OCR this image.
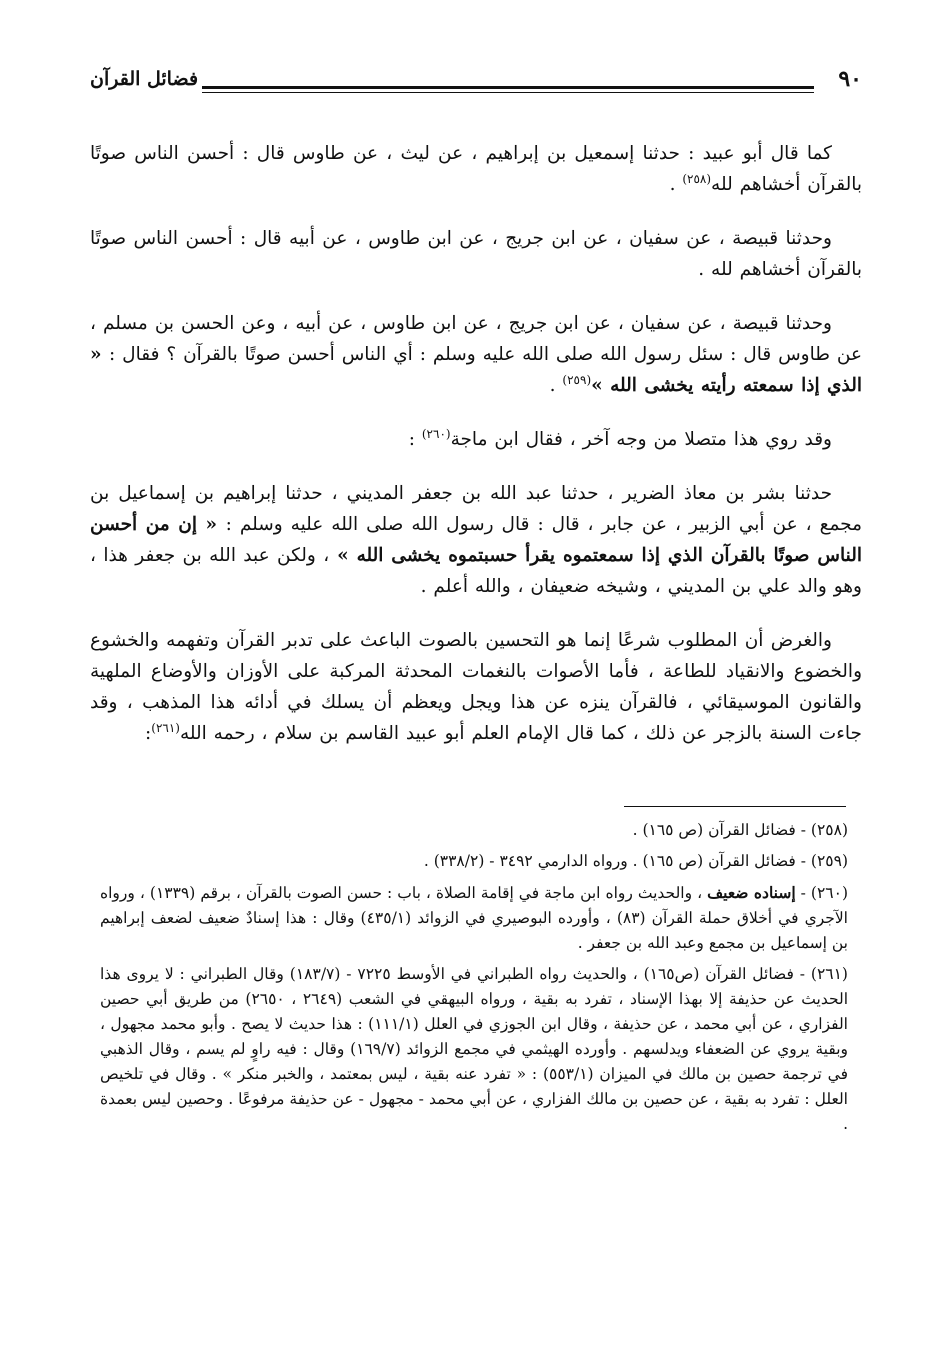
٩٠
فضائل القرآن

كما قال أبو عبيد : حدثنا إسمعيل بن إبراهيم ، عن ليث ، عن طاوس قال : أحسن الناس صوتًا بالقرآن أخشاهم لله$^{(٢٥٨)}$ .

وحدثنا قبيصة ، عن سفيان ، عن ابن جريج ، عن ابن طاوس ، عن أبيه قال : أحسن الناس صوتًا بالقرآن أخشاهم لله .

وحدثنا قبيصة ، عن سفيان ، عن ابن جريج ، عن ابن طاوس ، عن أبيه ، وعن الحسن بن مسلم ، عن طاوس قال : سئل رسول الله صلى الله عليه وسلم : أي الناس أحسن صوتًا بالقرآن ؟ فقال : « الذي إذا سمعته رأيته يخشى الله »$^{(٢٥٩)}$ .

وقد روي هذا متصلا من وجه آخر ، فقال ابن ماجة$^{(٢٦٠)}$ :

حدثنا بشر بن معاذ الضرير ، حدثنا عبد الله بن جعفر المديني ، حدثنا إبراهيم بن إسماعيل بن مجمع ، عن أبي الزبير ، عن جابر ، قال : قال رسول الله صلى الله عليه وسلم : « إن من أحسن الناس صوتًا بالقرآن الذي إذا سمعتموه يقرأ حسبتموه يخشى الله » ، ولكن عبد الله بن جعفر هذا ، وهو والد علي بن المديني ، وشيخه ضعيفان ، والله أعلم .

والغرض أن المطلوب شرعًا إنما هو التحسين بالصوت الباعث على تدبر القرآن وتفهمه والخشوع والخضوع والانقياد للطاعة ، فأما الأصوات بالنغمات المحدثة المركبة على الأوزان والأوضاع الملهية والقانون الموسيقائي ، فالقرآن ينزه عن هذا ويجل ويعظم أن يسلك في أدائه هذا المذهب ، وقد جاءت السنة بالزجر عن ذلك ، كما قال الإمام العلم أبو عبيد القاسم بن سلام ، رحمه الله$^{(٢٦١)}$:

(٢٥٨) - فضائل القرآن (ص ١٦٥) .

(٢٥٩) - فضائل القرآن (ص ١٦٥) . ورواه الدارمي ٣٤٩٢ - (٣٣٨/٢) .

(٢٦٠) - إسناده ضعيف ، والحديث رواه ابن ماجة في إقامة الصلاة ، باب : حسن الصوت بالقرآن ، برقم (١٣٣٩) ، ورواه الآجري في أخلاق حملة القرآن (٨٣) ، وأورده البوصيري في الزوائد (٤٣٥/١) وقال : هذا إسنادٌ ضعيف لضعف إبراهيم بن إسماعيل بن مجمع وعبد الله بن جعفر .

(٢٦١) - فضائل القرآن (ص١٦٥) ، والحديث رواه الطبراني في الأوسط ٧٢٢٥ - (١٨٣/٧) وقال الطبراني : لا يروى هذا الحديث عن حذيفة إلا بهذا الإسناد ، تفرد به بقية ، ورواه البيهقي في الشعب (٢٦٤٩ ، ٢٦٥٠) من طريق أبي حصين الفزاري ، عن أبي محمد ، عن حذيفة ، وقال ابن الجوزي في العلل (١١١/١) : هذا حديث لا يصح . وأبو محمد مجهول ، وبقية يروي عن الضعفاء ويدلسهم . وأورده الهيثمي في مجمع الزوائد (١٦٩/٧) وقال : فيه راوٍ لم يسم ، وقال الذهبي في ترجمة حصين بن مالك في الميزان (٥٥٣/١) : « تفرد عنه بقية ، ليس بمعتمد ، والخبر منكر » . وقال في تلخيص العلل : تفرد به بقية ، عن حصين بن مالك الفزاري ، عن أبي محمد - مجهول - عن حذيفة مرفوعًا . وحصين ليس بعمدة .
